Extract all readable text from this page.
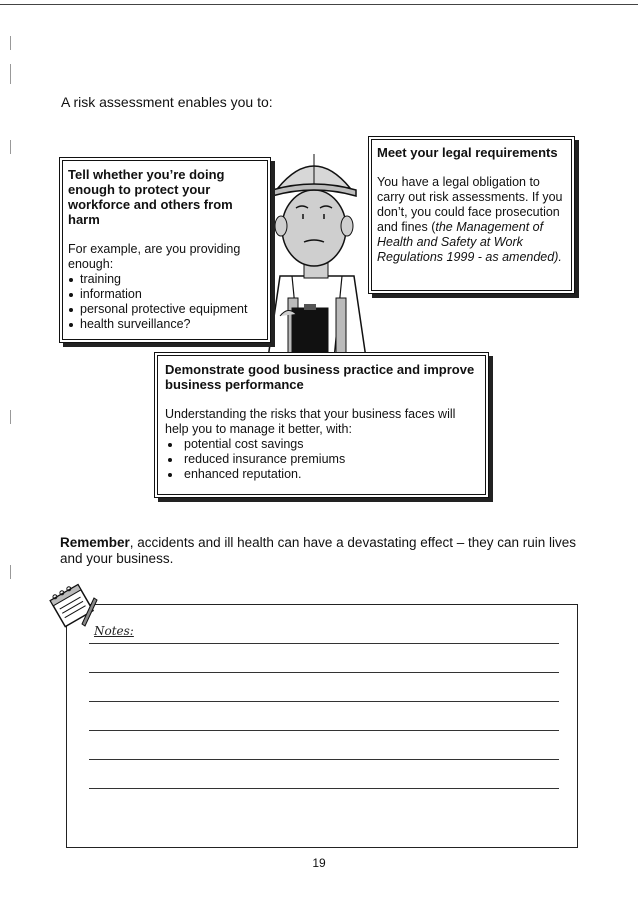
A risk assessment enables you to:
Tell whether you’re doing enough to protect your workforce and others from harm
For example, are you providing enough:
training
information
personal protective equipment
health surveillance?
Meet your legal requirements
You have a legal obligation to carry out risk assessments. If you don’t, you could face prosecution and fines (the Management of Health and Safety at Work Regulations 1999 - as amended).
Demonstrate good business practice and improve business performance
Understanding the risks that your business faces will help you to manage it better, with:
potential cost savings
reduced insurance premiums
enhanced reputation.
Remember, accidents and ill health can have a devastating effect – they can ruin lives and your business.
Notes:
19
